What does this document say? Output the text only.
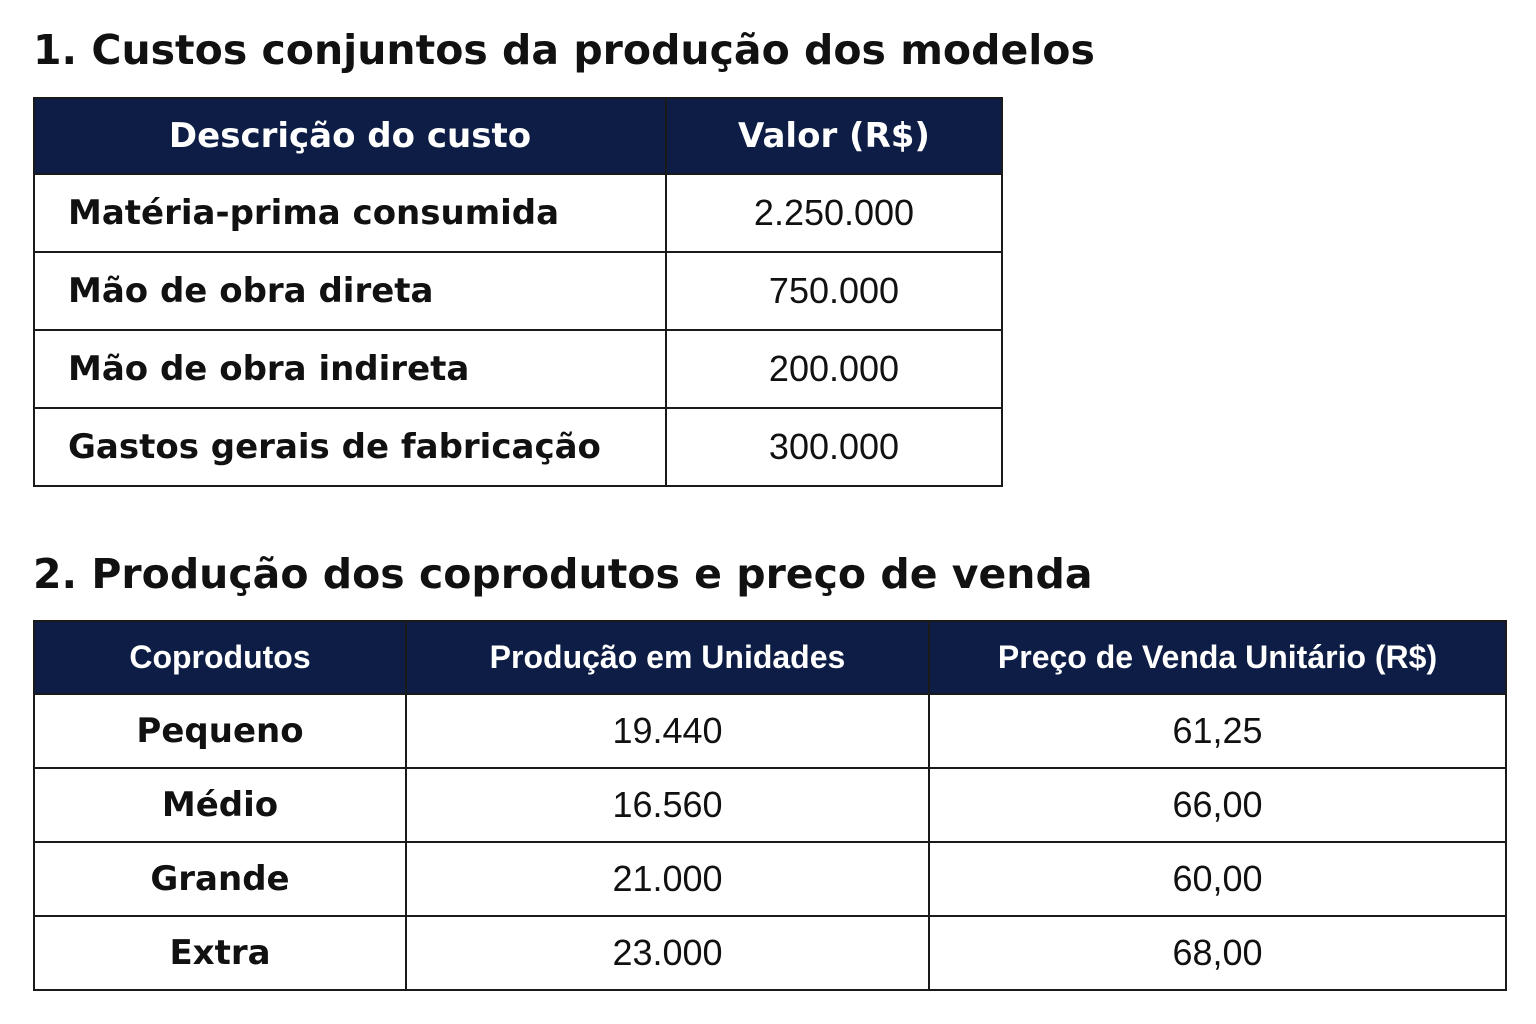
1. Custos conjuntos da produção dos modelos
Descrição do custo	Valor (R$)
Matéria-prima consumida	2.250.000
Mão de obra direta	750.000
Mão de obra indireta	200.000
Gastos gerais de fabricação	300.000
2. Produção dos coprodutos e preço de venda
Coprodutos	Produção em Unidades	Preço de Venda Unitário (R$)
Pequeno	19.440	61,25
Médio	16.560	66,00
Grande	21.000	60,00
Extra	23.000	68,00
